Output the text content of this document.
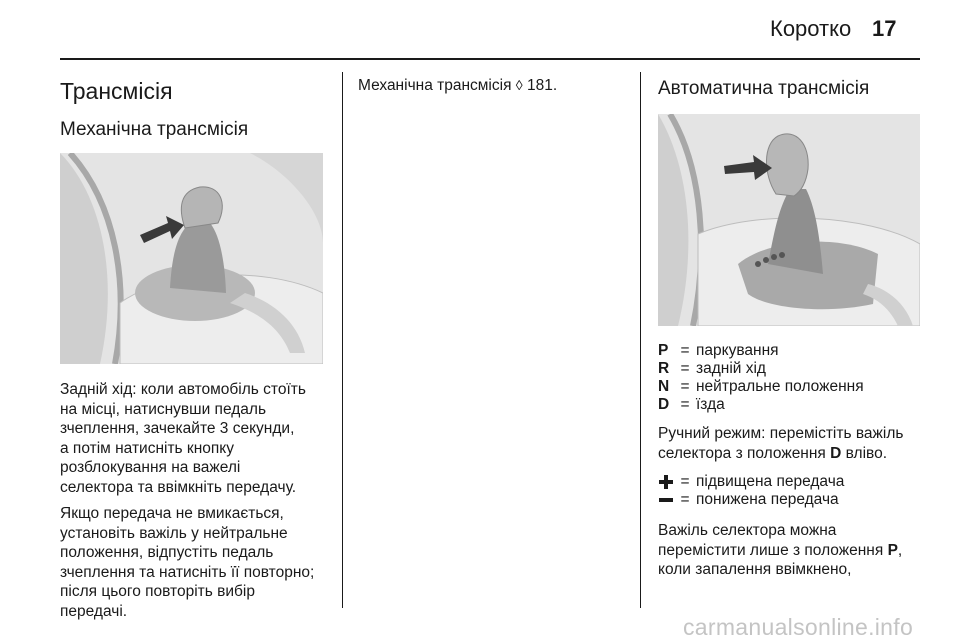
Коротко 17
Трансмісія
Механічна трансмісія

Задній хід: коли автомобіль стоїть

на місці, натиснувши педаль

зчеплення, зачекайте 3 секунди,

а потім натисніть кнопку

розблокування на важелі

селектора та ввімкніть передачу.

Якщо передача не вмикається,

установіть важіль у нейтральне

положення, відпустіть педаль

зчеплення та натисніть її повторно;

після цього повторіть вибір

передачі.

Механічна трансмісія ◊ 181.	Автоматична трансмісія
P = паркування
R = задній хід
N = нейтральне положення
D = їзда

Ручний режим: перемістіть важіль

селектора з положення D вліво.

= підвищена передача
= понижена передача

Важіль селектора можна

перемістити лише з положення P,

коли запалення ввімкнено,

carmanualsonline.info
